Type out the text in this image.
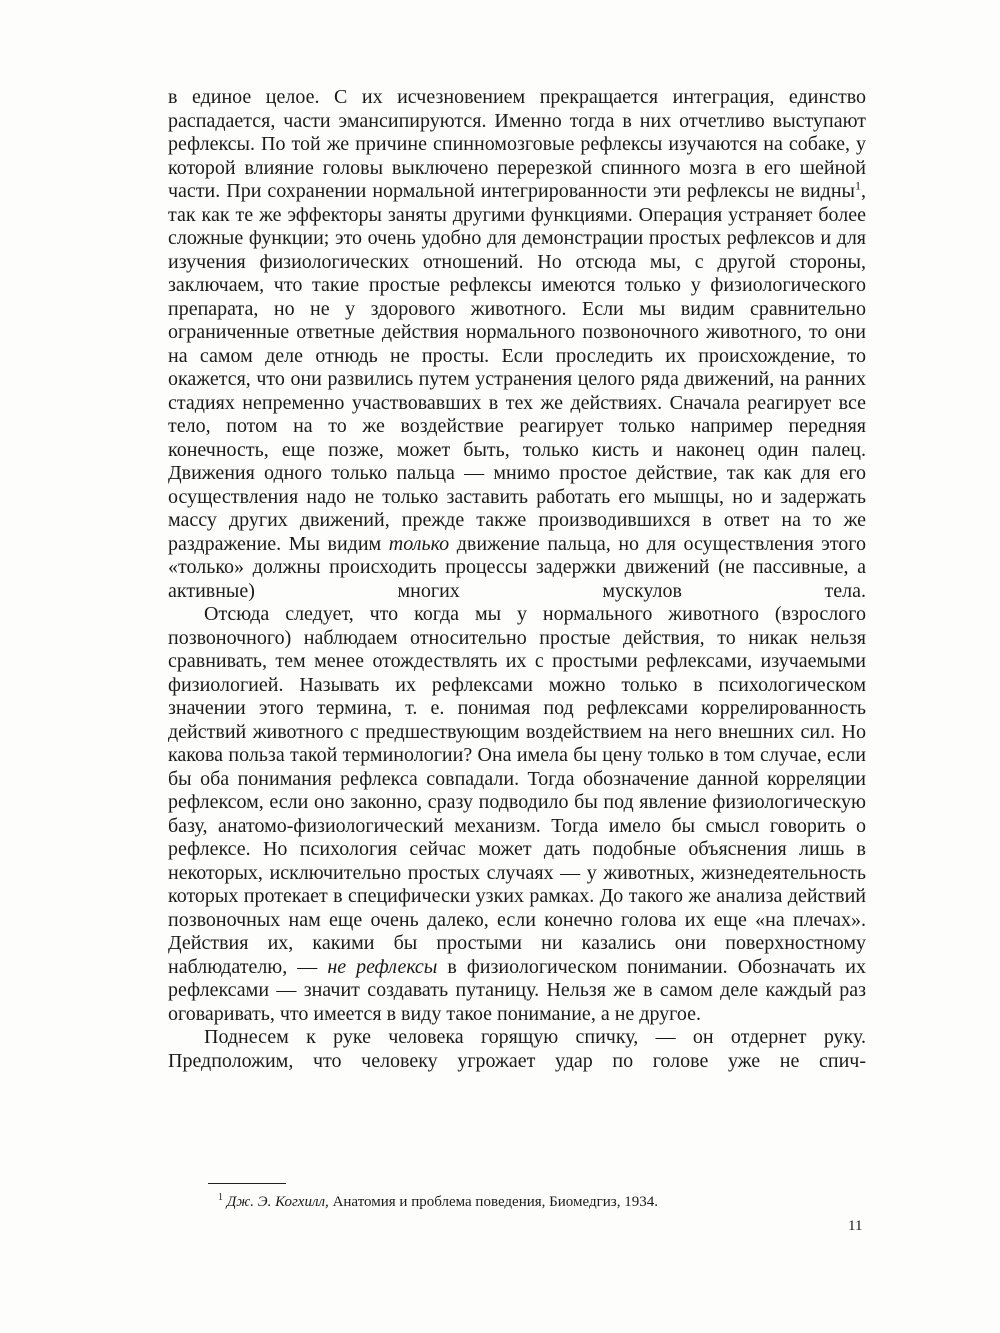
в единое целое. С их исчезновением прекращается интеграция, единство распадается, части эмансипируются. Именно тогда в них отчетливо выступают рефлексы. По той же причине спинномозговые рефлексы изучаются на собаке, у которой влияние головы выключено перерезкой спинного мозга в его шейной части. При сохранении нормальной интегрированности эти рефлексы не видны$^1$, так как те же эффекторы заняты другими функциями. Операция устраняет более сложные функции; это очень удобно для демонстрации простых рефлексов и для изучения физиологических отношений. Но отсюда мы, с другой стороны, заключаем, что такие простые рефлексы имеются только у физиологического препарата, но не у здорового животного. Если мы видим сравнительно ограниченные ответные действия нормального позвоночного животного, то они на самом деле отнюдь не просты. Если проследить их происхождение, то окажется, что они развились путем устранения целого ряда движений, на ранних стадиях непременно участвовавших в тех же действиях. Сначала реагирует все тело, потом на то же воздействие реагирует только например передняя конечность, еще позже, может быть, только кисть и наконец один палец. Движения одного только пальца — мнимо простое действие, так как для его осуществления надо не только заставить работать его мышцы, но и задержать массу других движений, прежде также производившихся в ответ на то же раздражение. Мы видим только движение пальца, но для осуществления этого «только» должны происходить процессы задержки движений (не пассивные, а активные) многих мускулов тела.

Отсюда следует, что когда мы у нормального животного (взрослого позвоночного) наблюдаем относительно простые действия, то никак нельзя сравнивать, тем менее отождествлять их с простыми рефлексами, изучаемыми физиологией. Называть их рефлексами можно только в психологическом значении этого термина, т. е. понимая под рефлексами коррелированность действий животного с предшествующим воздействием на него внешних сил. Но какова польза такой терминологии? Она имела бы цену только в том случае, если бы оба понимания рефлекса совпадали. Тогда обозначение данной корреляции рефлексом, если оно законно, сразу подводило бы под явление физиологическую базу, анатомо-физиологический механизм. Тогда имело бы смысл говорить о рефлексе. Но психология сейчас может дать подобные объяснения лишь в некоторых, исключительно простых случаях — у животных, жизнедеятельность которых протекает в специфически узких рамках. До такого же анализа действий позвоночных нам еще очень далеко, если конечно голова их еще «на плечах». Действия их, какими бы простыми ни казались они поверхностному наблюдателю, — не рефлексы в физиологическом понимании. Обозначать их рефлексами — значит создавать путаницу. Нельзя же в самом деле каждый раз оговаривать, что имеется в виду такое понимание, а не другое.

Поднесем к руке человека горящую спичку, — он отдернет руку. Предположим, что человеку угрожает удар по голове уже не спич-

$^1$ Дж. Э. Когхилл, Анатомия и проблема поведения, Биомедгиз, 1934.
11
